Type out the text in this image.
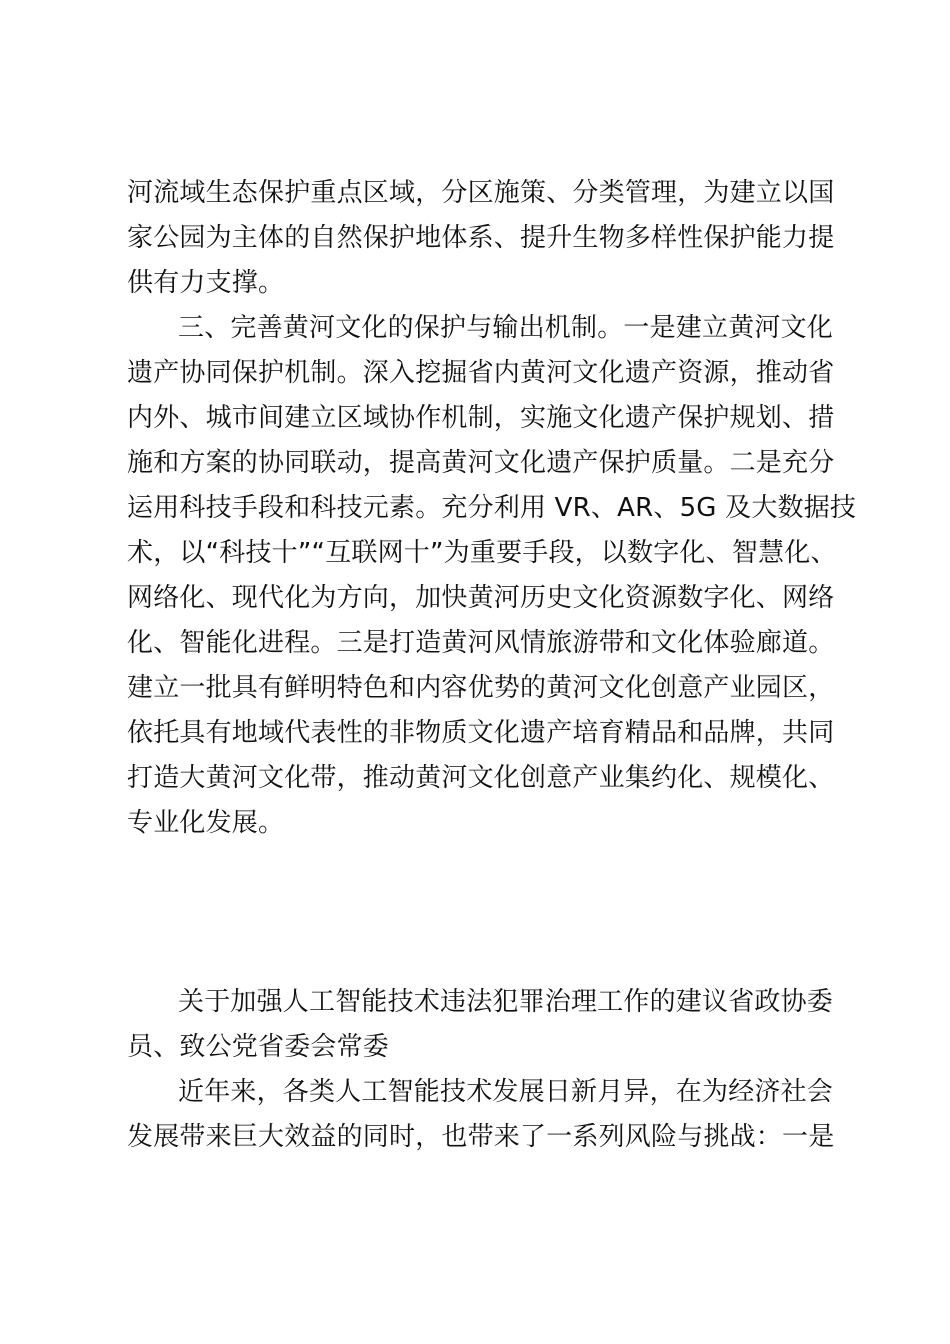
河流域生态保护重点区域，分区施策、分类管理，为建立以国
家公园为主体的自然保护地体系、提升生物多样性保护能力提
供有力支撑。
三、完善黄河文化的保护与输出机制。一是建立黄河文化
遗产协同保护机制。深入挖掘省内黄河文化遗产资源，推动省
内外、城市间建立区域协作机制，实施文化遗产保护规划、措
施和方案的协同联动，提高黄河文化遗产保护质量。二是充分
运用科技手段和科技元素。充分利用 VR、AR、5G 及大数据技
术，以“科技十”“互联网十”为重要手段，以数字化、智慧化、
网络化、现代化为方向，加快黄河历史文化资源数字化、网络
化、智能化进程。三是打造黄河风情旅游带和文化体验廊道。
建立一批具有鲜明特色和内容优势的黄河文化创意产业园区，
依托具有地域代表性的非物质文化遗产培育精品和品牌，共同
打造大黄河文化带，推动黄河文化创意产业集约化、规模化、
专业化发展。
关于加强人工智能技术违法犯罪治理工作的建议省政协委
员、致公党省委会常委
近年来，各类人工智能技术发展日新月异，在为经济社会
发展带来巨大效益的同时，也带来了一系列风险与挑战：一是
